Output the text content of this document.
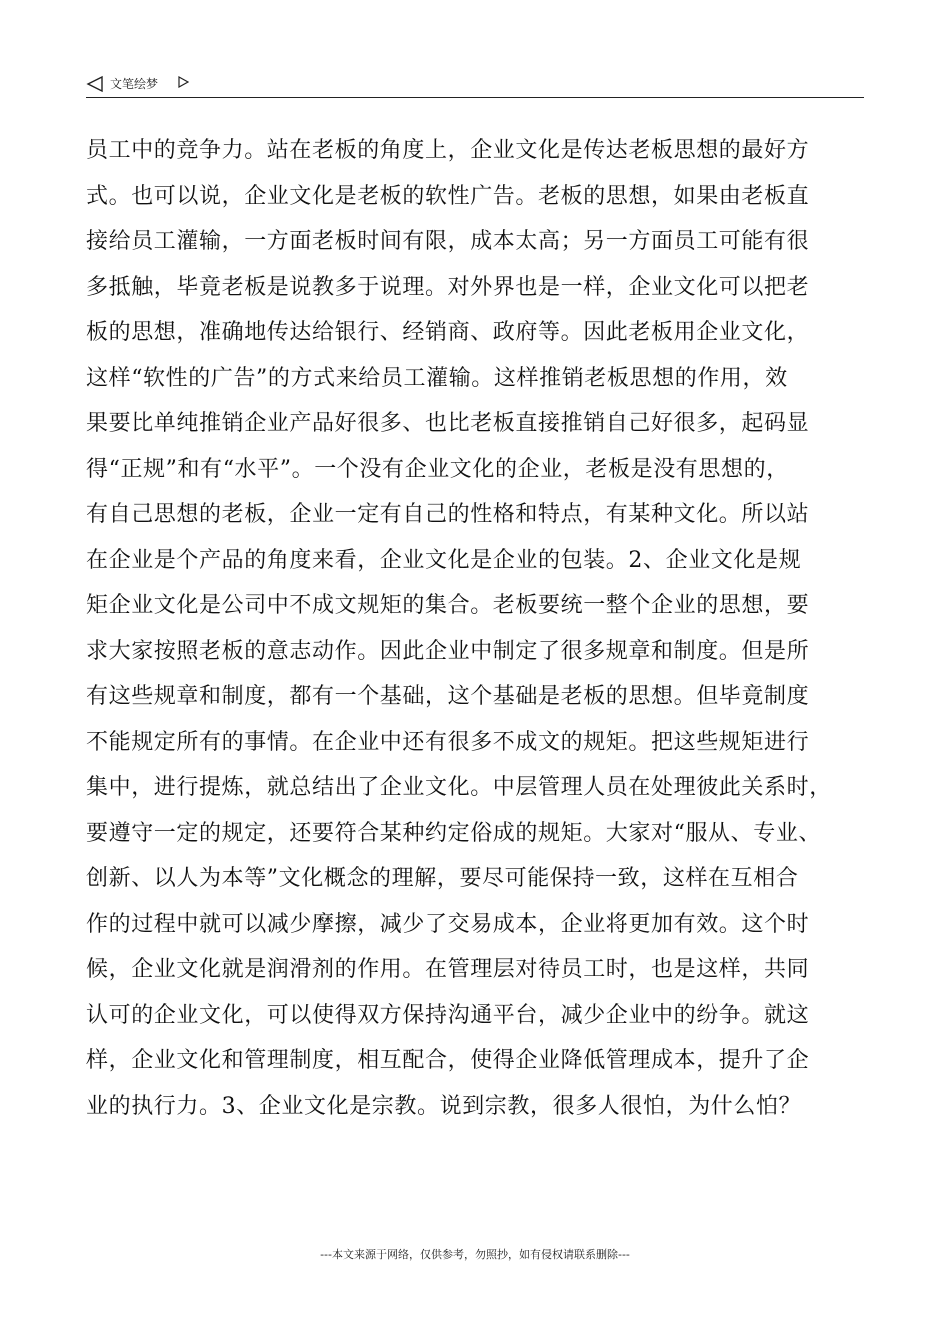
文笔绘梦
员工中的竞争力。站在老板的角度上，企业文化是传达老板思想的最好方
式。也可以说，企业文化是老板的软性广告。老板的思想，如果由老板直
接给员工灌输，一方面老板时间有限，成本太高；另一方面员工可能有很
多抵触，毕竟老板是说教多于说理。对外界也是一样，企业文化可以把老
板的思想，准确地传达给银行、经销商、政府等。因此老板用企业文化，
这样“软性的广告”的方式来给员工灌输。这样推销老板思想的作用，效
果要比单纯推销企业产品好很多、也比老板直接推销自己好很多，起码显
得“正规”和有“水平”。一个没有企业文化的企业，老板是没有思想的，
有自己思想的老板，企业一定有自己的性格和特点，有某种文化。所以站
在企业是个产品的角度来看，企业文化是企业的包装。2、企业文化是规
矩企业文化是公司中不成文规矩的集合。老板要统一整个企业的思想，要
求大家按照老板的意志动作。因此企业中制定了很多规章和制度。但是所
有这些规章和制度，都有一个基础，这个基础是老板的思想。但毕竟制度
不能规定所有的事情。在企业中还有很多不成文的规矩。把这些规矩进行
集中，进行提炼，就总结出了企业文化。中层管理人员在处理彼此关系时，
要遵守一定的规定，还要符合某种约定俗成的规矩。大家对“服从、专业、
创新、以人为本等”文化概念的理解，要尽可能保持一致，这样在互相合
作的过程中就可以减少摩擦，减少了交易成本，企业将更加有效。这个时
候，企业文化就是润滑剂的作用。在管理层对待员工时，也是这样，共同
认可的企业文化，可以使得双方保持沟通平台，减少企业中的纷争。就这
样，企业文化和管理制度，相互配合，使得企业降低管理成本，提升了企
业的执行力。3、企业文化是宗教。说到宗教，很多人很怕，为什么怕？
---本文来源于网络，仅供参考，勿照抄，如有侵权请联系删除---
